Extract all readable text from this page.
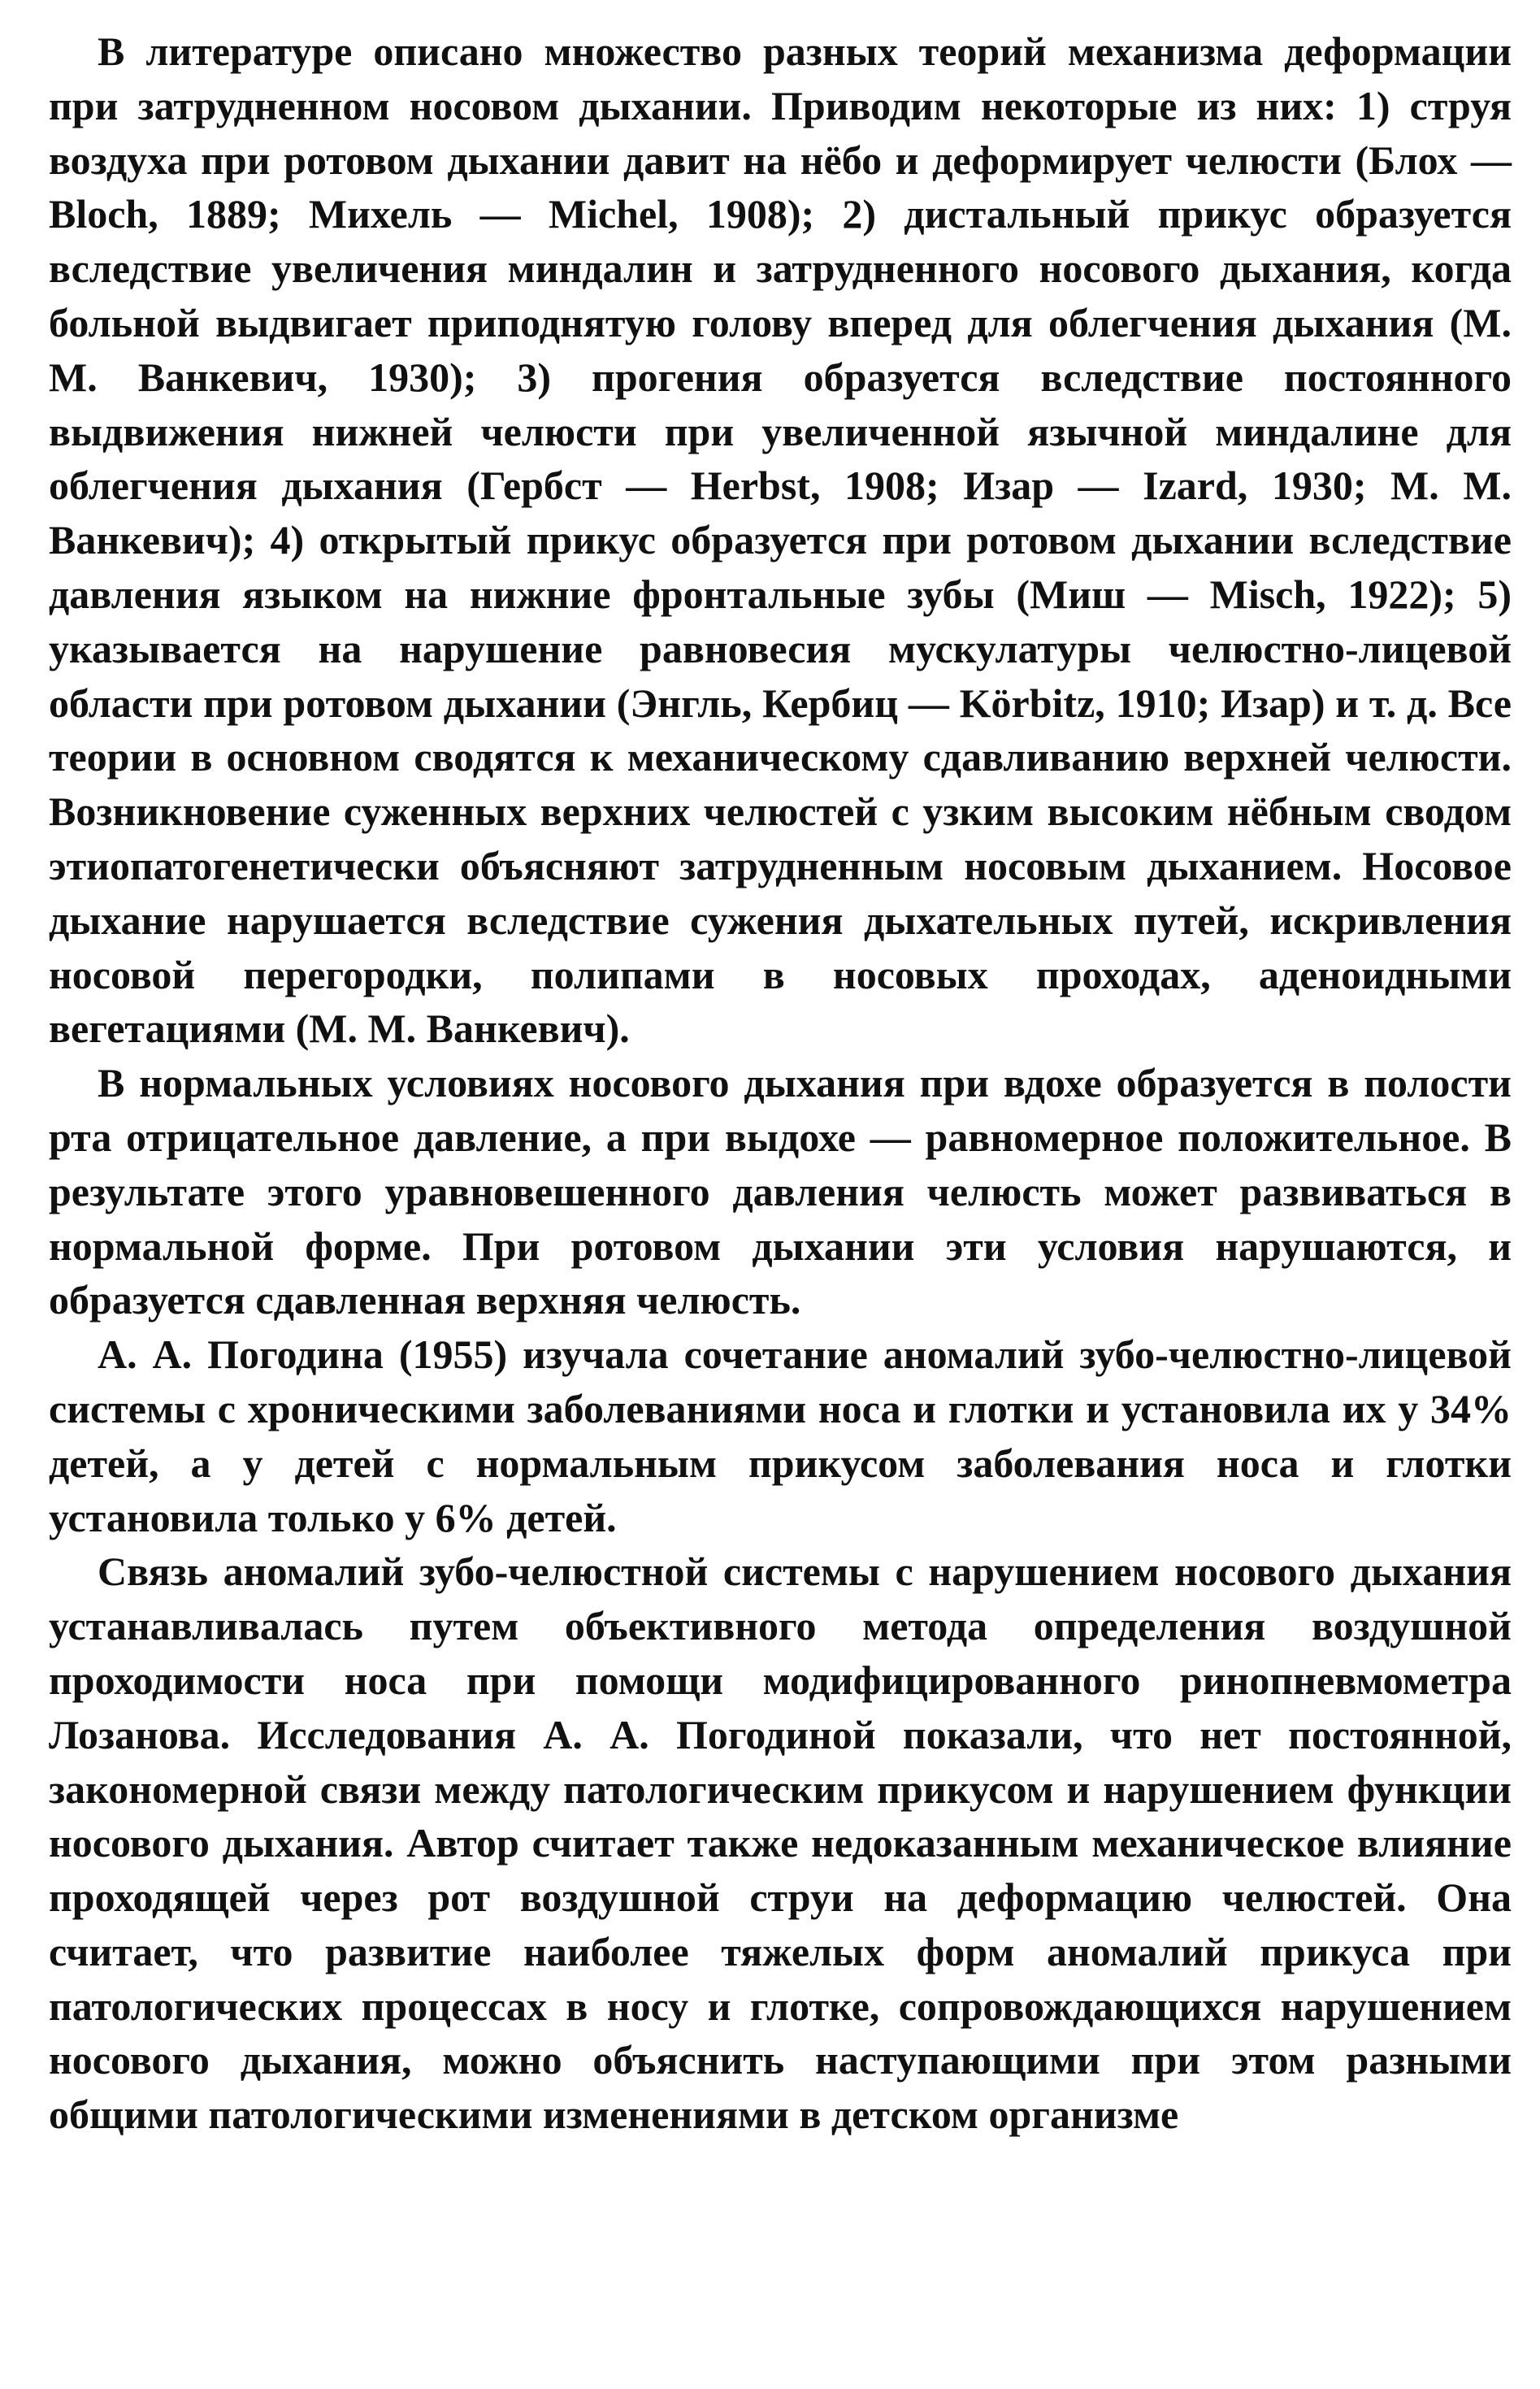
В литературе описано множество разных теорий механизма деформации при затрудненном носовом дыхании. Приводим некоторые из них: 1) струя воздуха при ротовом дыхании давит на нёбо и деформирует челюсти (Блох — Bloch, 1889; Михель — Michel, 1908); 2) дистальный прикус образуется вследствие увеличения миндалин и затрудненного носового дыхания, когда больной выдвигает приподнятую голову вперед для облегчения дыхания (М. М. Ванкевич, 1930); 3) прогения образуется вследствие постоянного выдвижения нижней челюсти при увеличенной язычной миндалине для облегчения дыхания (Гербст — Herbst, 1908; Изар — Izard, 1930; М. М. Ванкевич); 4) открытый прикус образуется при ротовом дыхании вследствие давления языком на нижние фронтальные зубы (Миш — Misch, 1922); 5) указывается на нарушение равновесия мускулатуры челюстно-лицевой области при ротовом дыхании (Энгль, Кербиц — Körbitz, 1910; Изар) и т. д. Все теории в основном сводятся к механическому сдавливанию верхней челюсти. Возникновение суженных верхних челюстей с узким высоким нёбным сводом этиопатогенетически объясняют затрудненным носовым дыханием. Носовое дыхание нарушается вследствие сужения дыхательных путей, искривления носовой перегородки, полипами в носовых проходах, аденоидными вегетациями (М. М. Ванкевич).

В нормальных условиях носового дыхания при вдохе образуется в полости рта отрицательное давление, а при выдохе — равномерное положительное. В результате этого уравновешенного давления челюсть может развиваться в нормальной форме. При ротовом дыхании эти условия нарушаются, и образуется сдавленная верхняя челюсть.

А. А. Погодина (1955) изучала сочетание аномалий зубо-челюстно-лицевой системы с хроническими заболеваниями носа и глотки и установила их у 34% детей, а у детей с нормальным прикусом заболевания носа и глотки установила только у 6% детей.

Связь аномалий зубо-челюстной системы с нарушением носового дыхания устанавливалась путем объективного метода определения воздушной проходимости носа при помощи модифицированного ринопневмометра Лозанова. Исследования А. А. Погодиной показали, что нет постоянной, закономерной связи между патологическим прикусом и нарушением функции носового дыхания. Автор считает также недоказанным механическое влияние проходящей через рот воздушной струи на деформацию челюстей. Она считает, что развитие наиболее тяжелых форм аномалий прикуса при патологических процессах в носу и глотке, сопровождающихся нарушением носового дыхания, можно объяснить наступающими при этом разными общими патологическими изменениями в детском организме
